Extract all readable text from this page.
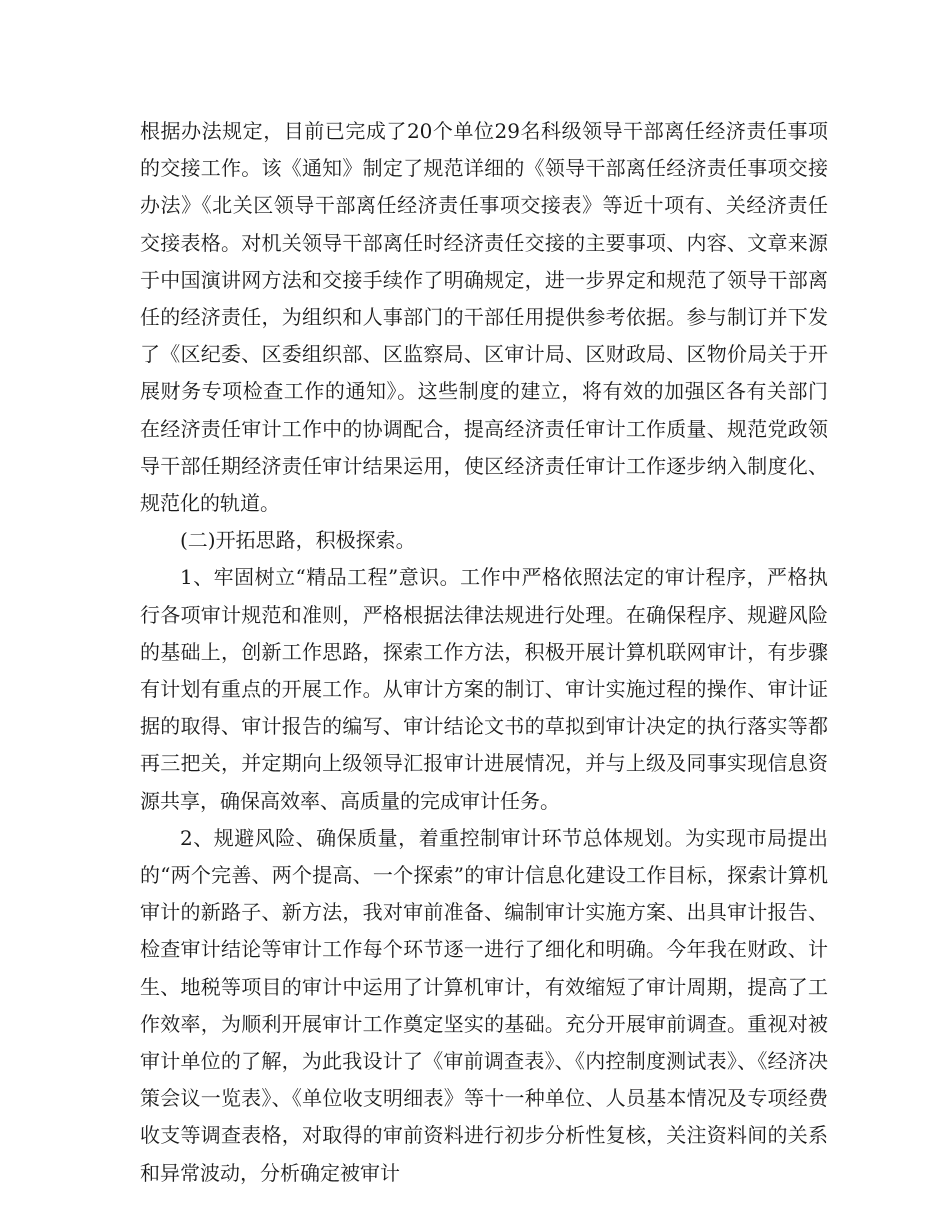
根据办法规定，目前已完成了20个单位29名科级领导干部离任经济责任事项的交接工作。该《通知》制定了规范详细的《领导干部离任经济责任事项交接办法》《北关区领导干部离任经济责任事项交接表》等近十项有、关经济责任交接表格。对机关领导干部离任时经济责任交接的主要事项、内容、文章来源于中国演讲网方法和交接手续作了明确规定，进一步界定和规范了领导干部离任的经济责任，为组织和人事部门的干部任用提供参考依据。参与制订并下发了《区纪委、区委组织部、区监察局、区审计局、区财政局、区物价局关于开展财务专项检查工作的通知》。这些制度的建立，将有效的加强区各有关部门在经济责任审计工作中的协调配合，提高经济责任审计工作质量、规范党政领导干部任期经济责任审计结果运用，使区经济责任审计工作逐步纳入制度化、规范化的轨道。

(二)开拓思路，积极探索。

1、牢固树立“精品工程”意识。工作中严格依照法定的审计程序，严格执行各项审计规范和准则，严格根据法律法规进行处理。在确保程序、规避风险的基础上，创新工作思路，探索工作方法，积极开展计算机联网审计，有步骤有计划有重点的开展工作。从审计方案的制订、审计实施过程的操作、审计证据的取得、审计报告的编写、审计结论文书的草拟到审计决定的执行落实等都再三把关，并定期向上级领导汇报审计进展情况，并与上级及同事实现信息资源共享，确保高效率、高质量的完成审计任务。

2、规避风险、确保质量，着重控制审计环节总体规划。为实现市局提出的“两个完善、两个提高、一个探索”的审计信息化建设工作目标，探索计算机审计的新路子、新方法，我对审前准备、编制审计实施方案、出具审计报告、检查审计结论等审计工作每个环节逐一进行了细化和明确。今年我在财政、计生、地税等项目的审计中运用了计算机审计，有效缩短了审计周期，提高了工作效率，为顺利开展审计工作奠定坚实的基础。充分开展审前调查。重视对被审计单位的了解，为此我设计了《审前调查表》、《内控制度测试表》、《经济决策会议一览表》、《单位收支明细表》等十一种单位、人员基本情况及专项经费收支等调查表格，对取得的审前资料进行初步分析性复核，关注资料间的关系和异常波动，分析确定被审计
